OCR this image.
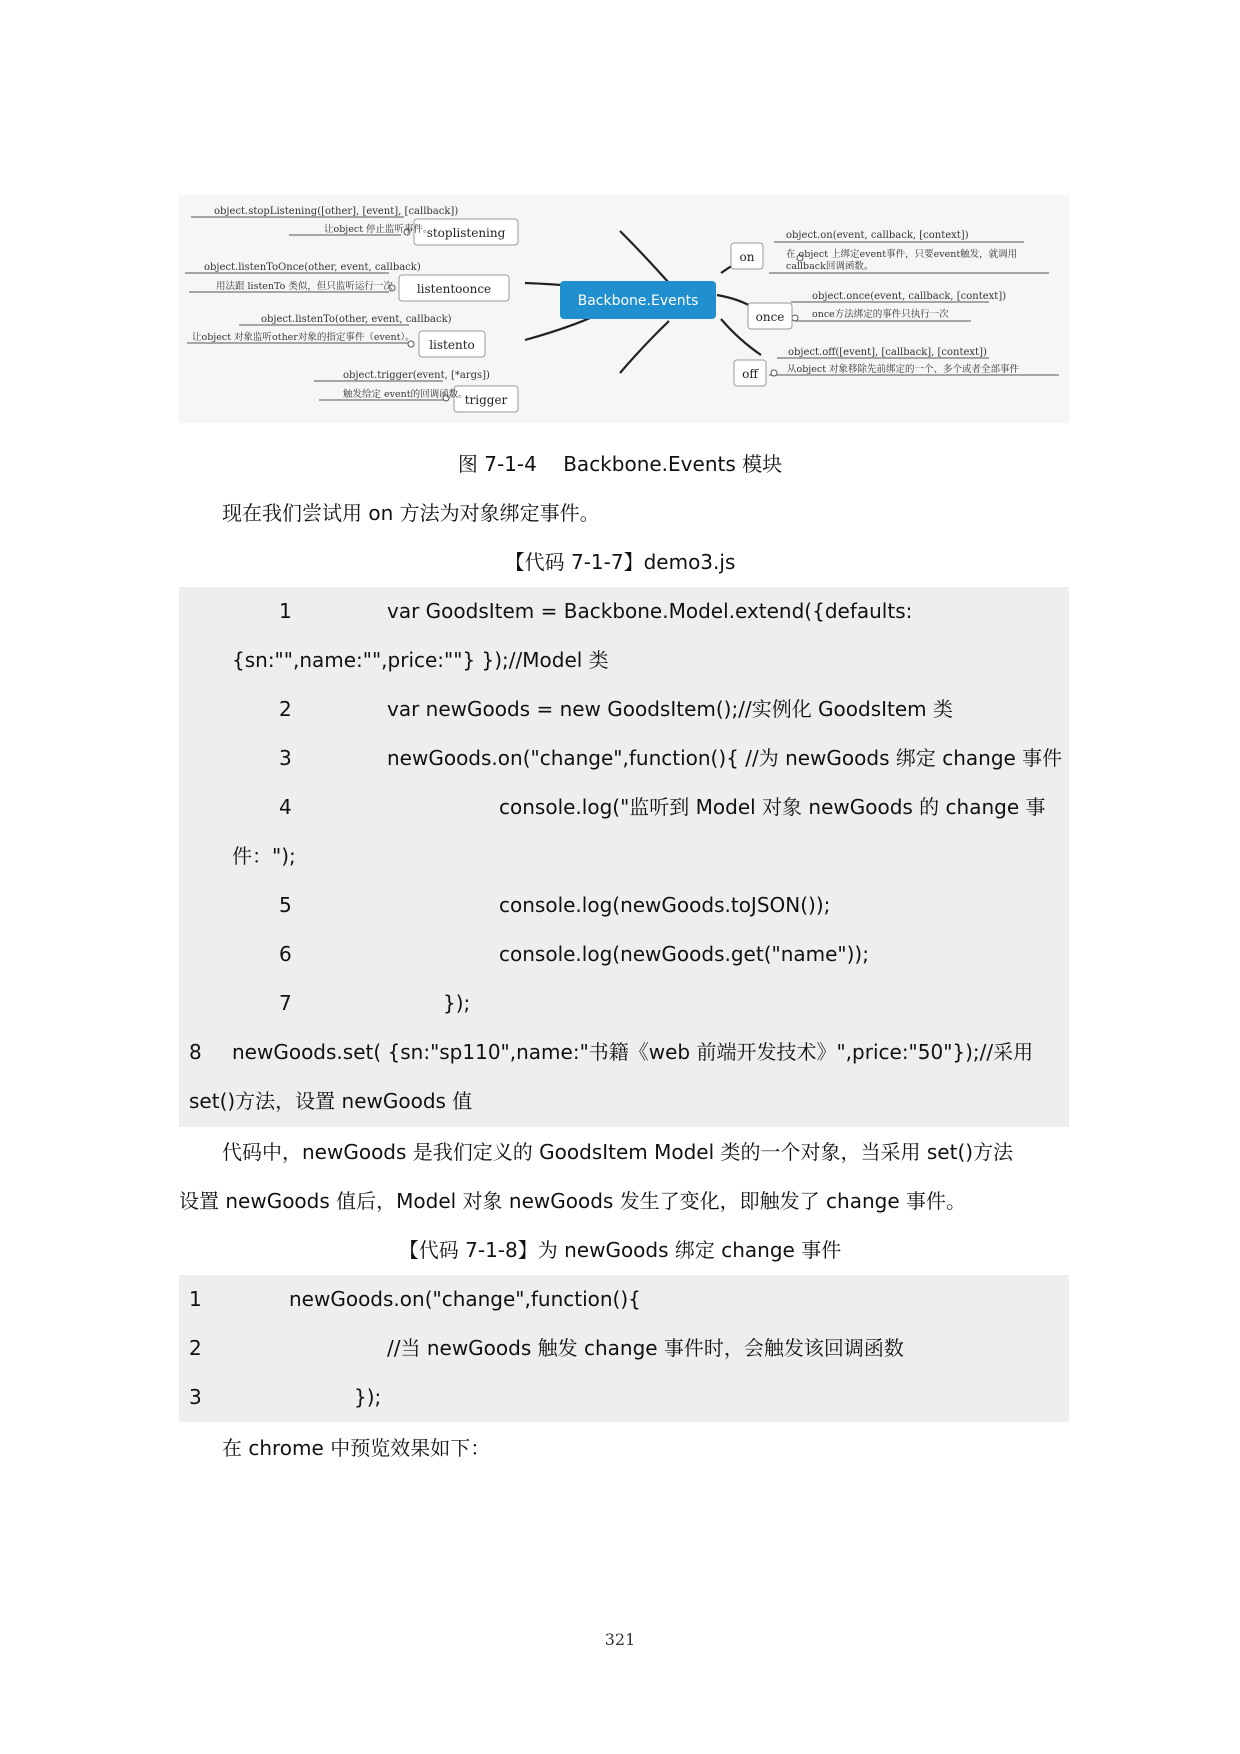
Backbone.Events
stoplistening
listentoonce
listento
trigger
on
once
off
object.stopListening([other], [event], [callback])
让object 停止监听事件。
object.listenToOnce(other, event, callback)
用法跟 listenTo 类似，但只监听运行一次
object.listenTo(other, event, callback)
让object 对象监听other对象的指定事件（event）。
object.trigger(event, [*args])
触发给定 event的回调函数。
object.on(event, callback, [context])
在 object 上绑定event事件，只要event触发，就调用
callback回调函数。
object.once(event, callback, [context])
once方法绑定的事件只执行一次
object.off([event], [callback], [context])
从object 对象移除先前绑定的一个、多个或者全部事件
图 7-1-4　 Backbone.Events 模块
现在我们尝试用 on 方法为对象绑定事件。
【代码 7-1-7】demo3.js
1	var GoodsItem = Backbone.Model.extend({defaults:
{sn:"",name:"",price:""} });//Model 类
2	var newGoods = new GoodsItem();//实例化 GoodsItem 类
3	newGoods.on("change",function(){ //为 newGoods 绑定 change 事件
4	console.log("监听到 Model 对象 newGoods 的 change 事
件：");
5	console.log(newGoods.toJSON());
6	console.log(newGoods.get("name"));
7	});
8 newGoods.set( {sn:"sp110",name:"书籍《web 前端开发技术》",price:"50"});//采用
set()方法，设置 newGoods 值
代码中，newGoods 是我们定义的 GoodsItem Model 类的一个对象，当采用 set()方法
设置 newGoods 值后，Model 对象 newGoods 发生了变化，即触发了 change 事件。
【代码 7-1-8】为 newGoods 绑定 change 事件
1	newGoods.on("change",function(){
2	//当 newGoods 触发 change 事件时，会触发该回调函数
3	});
在 chrome 中预览效果如下：
321
